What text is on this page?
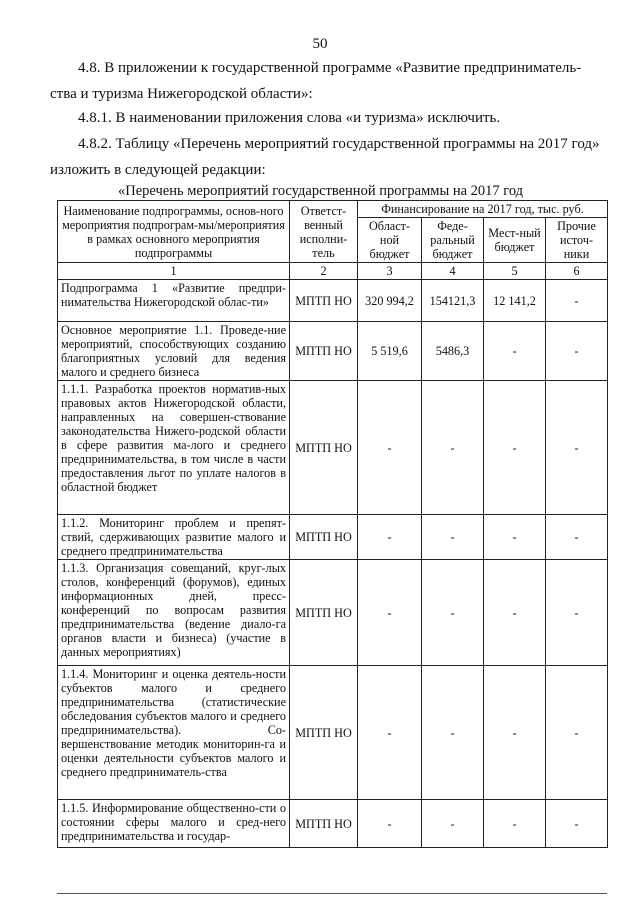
50

4.8. В приложении к государственной программе «Развитие предприниматель-ства и туризма Нижегородской области»:

4.8.1. В наименовании приложения слова «и туризма» исключить.

4.8.2. Таблицу «Перечень мероприятий государственной программы на 2017 год» изложить в следующей редакции:

«Перечень мероприятий государственной программы на 2017 год
Наименование подпрограммы, основ-ного мероприятия подпрограм-мы/мероприятия в рамках основного мероприятия подпрограммы	Ответст-венный исполни-тель	Финансирование на 2017 год, тыс. руб.			
		Област-ной бюджет	Феде-ральный бюджет	Мест-ный бюджет	Прочие источ-ники
1	2	3	4	5	6
Подпрограмма 1 «Развитие предпри-нимательства Нижегородской облас-ти»	МПТП НО	320 994,2	154121,3	12 141,2	-
Основное мероприятие 1.1. Проведе-ние мероприятий, способствующих созданию благоприятных условий для ведения малого и среднего бизнеса	МПТП НО	5 519,6	5486,3	-	-
1.1.1. Разработка проектов норматив-ных правовых актов Нижегородской области, направленных на совершен-ствование законодательства Нижего-родской области в сфере развития ма-лого и среднего предпринимательства, в том числе в части предоставления льгот по уплате налогов в областной бюджет	МПТП НО	-	-	-	-
1.1.2. Мониторинг проблем и препят-ствий, сдерживающих развитие малого и среднего предпринимательства	МПТП НО	-	-	-	-
1.1.3. Организация совещаний, круг-лых столов, конференций (форумов), единых информационных дней, пресс-конференций по вопросам развития предпринимательства (ведение диало-га органов власти и бизнеса) (участие в данных мероприятиях)	МПТП НО	-	-	-	-
1.1.4. Мониторинг и оценка деятель-ности субъектов малого и среднего предпринимательства (статистические обследования субъектов малого и среднего предпринимательства). Со-вершенствование методик мониторин-га и оценки деятельности субъектов малого и среднего предприниматель-ства	МПТП НО	-	-	-	-
1.1.5. Информирование общественно-сти о состоянии сферы малого и сред-него предпринимательства и государ-	МПТП НО	-	-	-	-
